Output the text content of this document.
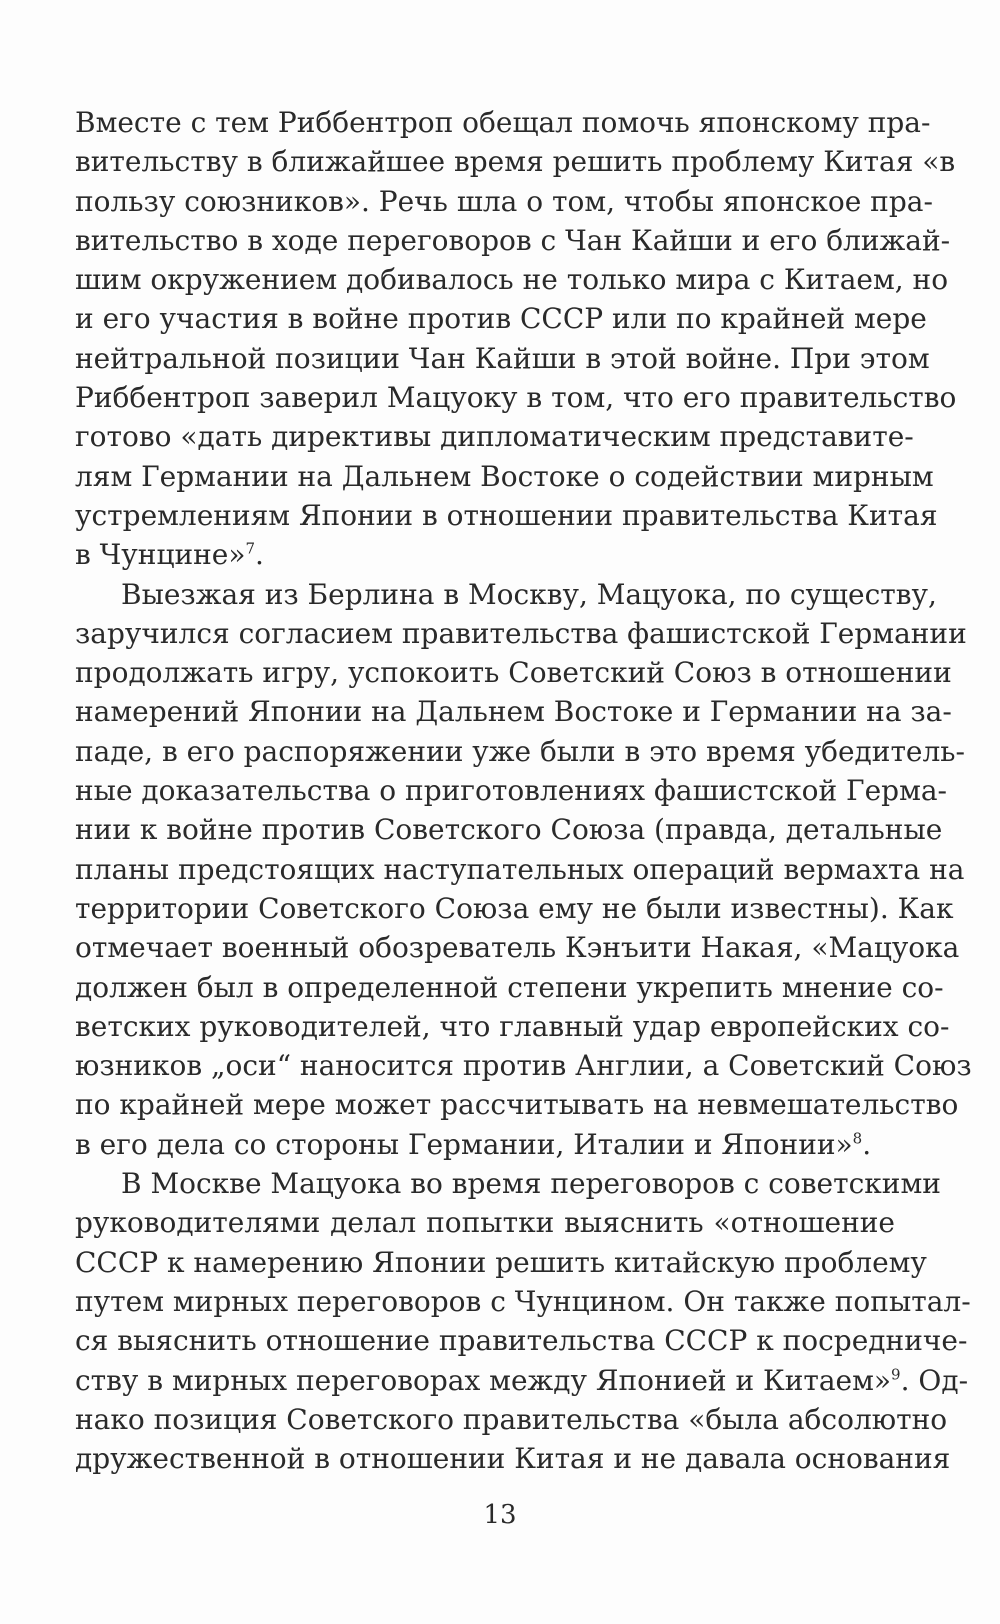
Вместе с тем Риббентроп обещал помочь японскому пра-
вительству в ближайшее время решить проблему Китая «в
пользу союзников». Речь шла о том, чтобы японское пра-
вительство в ходе переговоров с Чан Кайши и его ближай-
шим окружением добивалось не только мира с Китаем, но
и его участия в войне против СССР или по крайней мере
нейтральной позиции Чан Кайши в этой войне. При этом
Риббентроп заверил Мацуоку в том, что его правительство
готово «дать директивы дипломатическим представите-
лям Германии на Дальнем Востоке о содействии мирным
устремлениям Японии в отношении правительства Китая
в Чунцине»$^7$.
Выезжая из Берлина в Москву, Мацуока, по существу,
заручился согласием правительства фашистской Германии
продолжать игру, успокоить Советский Союз в отношении
намерений Японии на Дальнем Востоке и Германии на за-
паде, в его распоряжении уже были в это время убедитель-
ные доказательства о приготовлениях фашистской Герма-
нии к войне против Советского Союза (правда, детальные
планы предстоящих наступательных операций вермахта на
территории Советского Союза ему не были известны). Как
отмечает военный обозреватель Кэнъити Накая, «Мацуока
должен был в определенной степени укрепить мнение со-
ветских руководителей, что главный удар европейских со-
юзников „оси“ наносится против Англии, а Советский Союз
по крайней мере может рассчитывать на невмешательство
в его дела со стороны Германии, Италии и Японии»$^8$.
В Москве Мацуока во время переговоров с советскими
руководителями делал попытки выяснить «отношение
СССР к намерению Японии решить китайскую проблему
путем мирных переговоров с Чунцином. Он также попытал-
ся выяснить отношение правительства СССР к посредниче-
ству в мирных переговорах между Японией и Китаем»$^9$. Од-
нако позиция Советского правительства «была абсолютно
дружественной в отношении Китая и не давала основания
13
